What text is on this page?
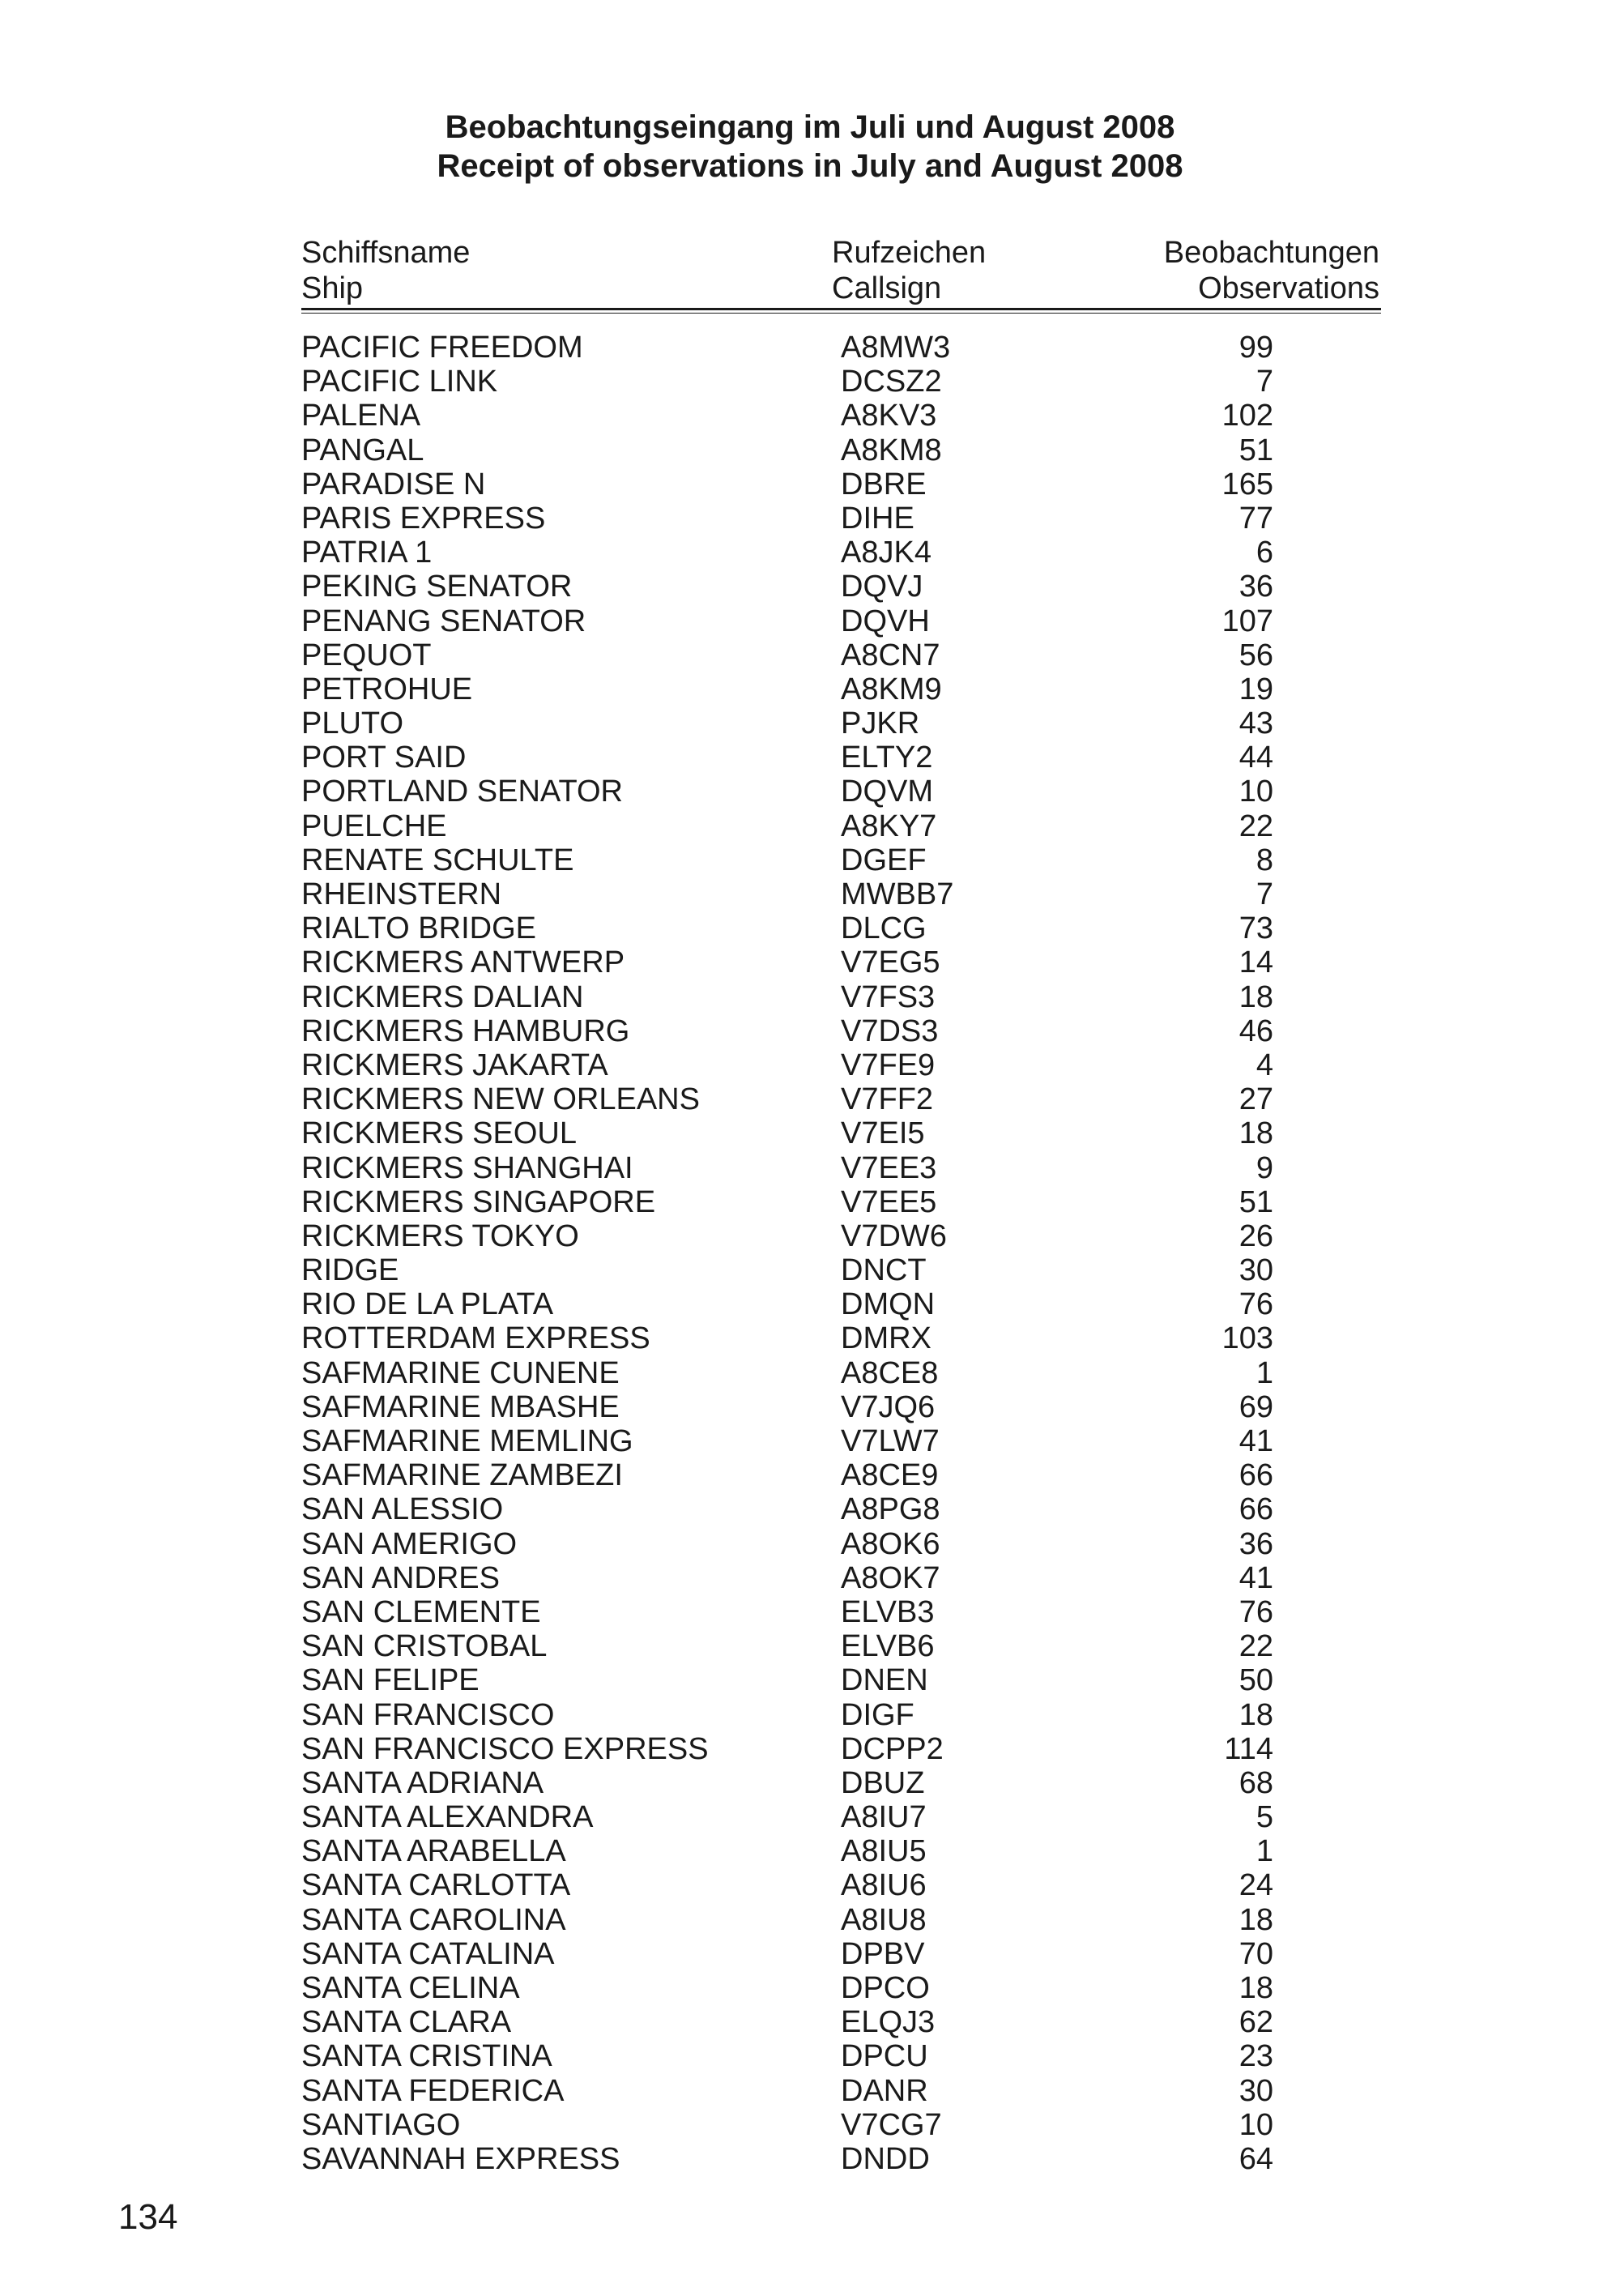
Beobachtungseingang im Juli und August 2008
Receipt of observations in July and August 2008
Schiffsname
Ship
Rufzeichen
Callsign
Beobachtungen
Observations
PACIFIC FREEDOM	A8MW3	99
PACIFIC LINK	DCSZ2	7
PALENA	A8KV3	102
PANGAL	A8KM8	51
PARADISE N	DBRE	165
PARIS EXPRESS	DIHE	77
PATRIA 1	A8JK4	6
PEKING SENATOR	DQVJ	36
PENANG SENATOR	DQVH	107
PEQUOT	A8CN7	56
PETROHUE	A8KM9	19
PLUTO	PJKR	43
PORT SAID	ELTY2	44
PORTLAND SENATOR	DQVM	10
PUELCHE	A8KY7	22
RENATE SCHULTE	DGEF	8
RHEINSTERN	MWBB7	7
RIALTO BRIDGE	DLCG	73
RICKMERS ANTWERP	V7EG5	14
RICKMERS DALIAN	V7FS3	18
RICKMERS HAMBURG	V7DS3	46
RICKMERS JAKARTA	V7FE9	4
RICKMERS NEW ORLEANS	V7FF2	27
RICKMERS SEOUL	V7EI5	18
RICKMERS SHANGHAI	V7EE3	9
RICKMERS SINGAPORE	V7EE5	51
RICKMERS TOKYO	V7DW6	26
RIDGE	DNCT	30
RIO DE LA PLATA	DMQN	76
ROTTERDAM EXPRESS	DMRX	103
SAFMARINE CUNENE	A8CE8	1
SAFMARINE MBASHE	V7JQ6	69
SAFMARINE MEMLING	V7LW7	41
SAFMARINE ZAMBEZI	A8CE9	66
SAN ALESSIO	A8PG8	66
SAN AMERIGO	A8OK6	36
SAN ANDRES	A8OK7	41
SAN CLEMENTE	ELVB3	76
SAN CRISTOBAL	ELVB6	22
SAN FELIPE	DNEN	50
SAN FRANCISCO	DIGF	18
SAN FRANCISCO EXPRESS	DCPP2	114
SANTA ADRIANA	DBUZ	68
SANTA ALEXANDRA	A8IU7	5
SANTA ARABELLA	A8IU5	1
SANTA CARLOTTA	A8IU6	24
SANTA CAROLINA	A8IU8	18
SANTA CATALINA	DPBV	70
SANTA CELINA	DPCO	18
SANTA CLARA	ELQJ3	62
SANTA CRISTINA	DPCU	23
SANTA FEDERICA	DANR	30
SANTIAGO	V7CG7	10
SAVANNAH EXPRESS	DNDD	64
134
